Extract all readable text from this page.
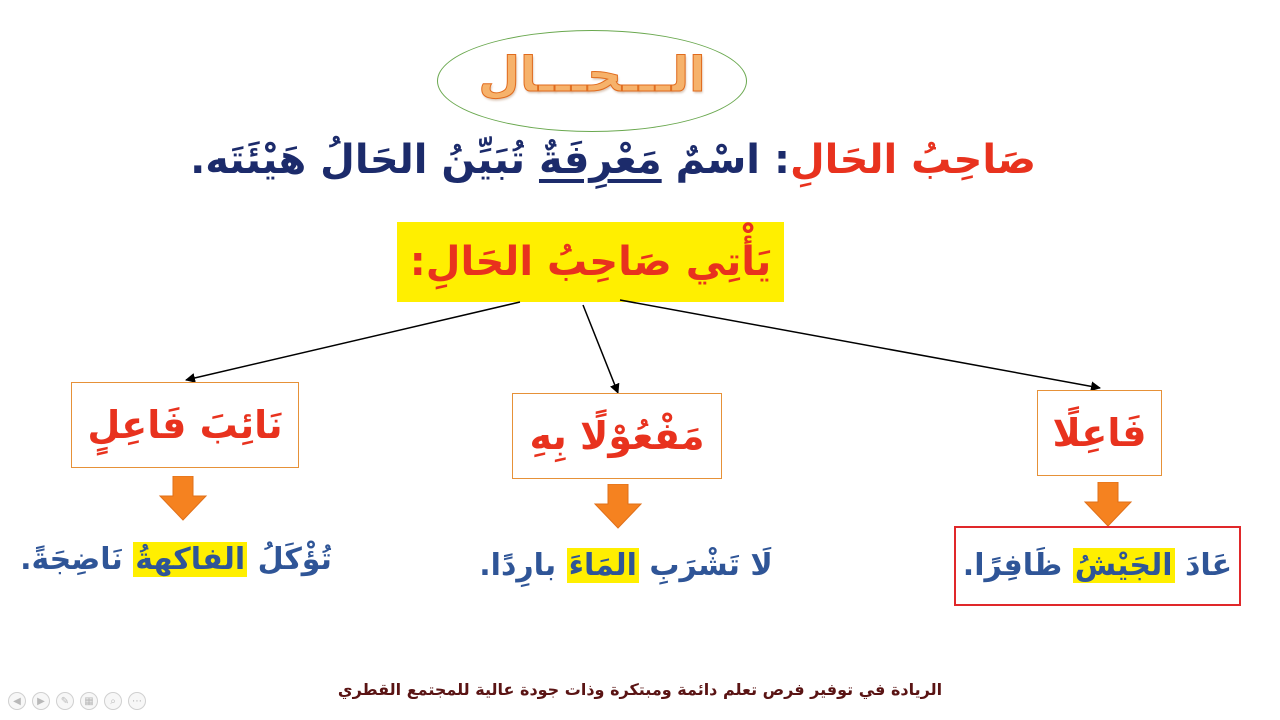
الـــحـــال
صَاحِبُ الحَالِ: اسْمٌ مَعْرِفَةٌ تُبَيِّنُ الحَالُ هَيْئَتَه.
يَأْتِي صَاحِبُ الحَالِ:
فَاعِلًا
مَفْعُوْلًا بِهِ
نَائِبَ فَاعِلٍ
عَادَ الجَيْشُ ظَافِرًا.
لَا تَشْرَبِ المَاءَ بارِدًا.
تُؤْكَلُ الفاكهةُ نَاضِجَةً.
الريادة في توفير فرص تعلم دائمة ومبتكرة وذات جودة عالية للمجتمع القطري
◀	▶	✎	▦	⌕	⋯
